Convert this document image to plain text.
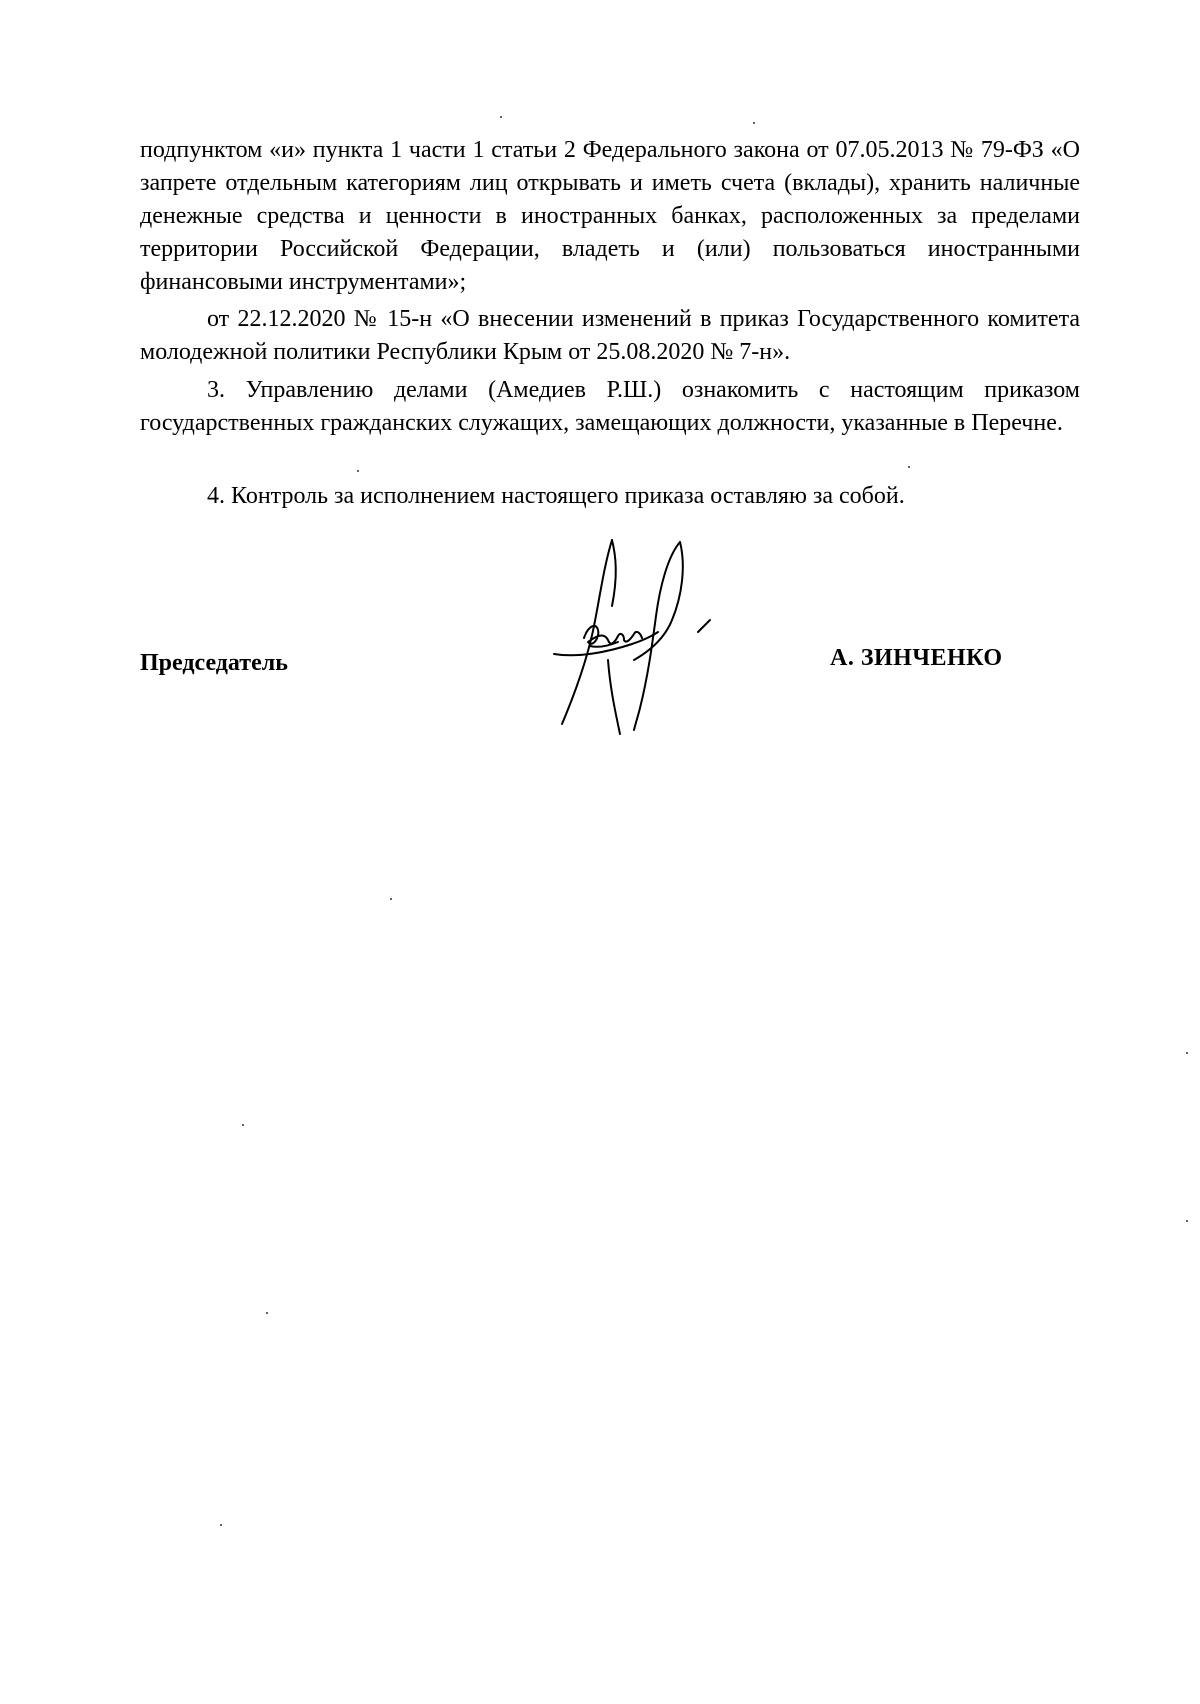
подпунктом «и» пункта 1 части 1 статьи 2 Федерального закона от 07.05.2013 № 79-ФЗ «О запрете отдельным категориям лиц открывать и иметь счета (вклады), хранить наличные денежные средства и ценности в иностранных банках, расположенных за пределами территории Российской Федерации, владеть и (или) пользоваться иностранными финансовыми инструментами»;

от 22.12.2020 № 15-н «О внесении изменений в приказ Государственного комитета молодежной политики Республики Крым от 25.08.2020 № 7-н».

3. Управлению делами (Амедиев Р.Ш.) ознакомить с настоящим приказом государственных гражданских служащих, замещающих должности, указанные в Перечне.

4. Контроль за исполнением настоящего приказа оставляю за собой.

Председатель	А. ЗИНЧЕНКО
